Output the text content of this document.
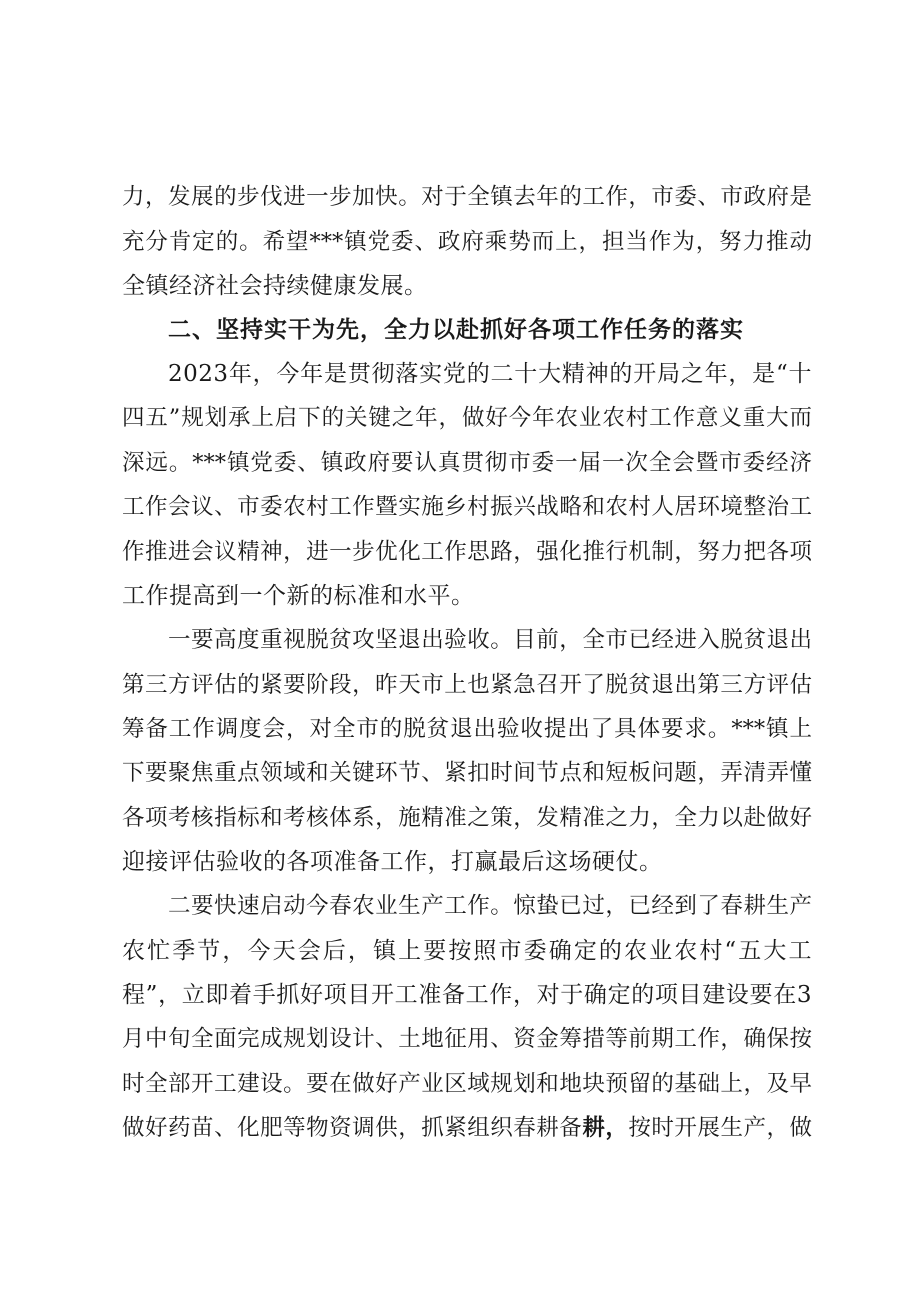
力，发展的步伐进一步加快。对于全镇去年的工作，市委、市政府是
充分肯定的。希望***镇党委、政府乘势而上，担当作为，努力推动
全镇经济社会持续健康发展。
二、坚持实干为先，全力以赴抓好各项工作任务的落实
2023年，今年是贯彻落实党的二十大精神的开局之年，是“十
四五”规划承上启下的关键之年，做好今年农业农村工作意义重大而
深远。***镇党委、镇政府要认真贯彻市委一届一次全会暨市委经济
工作会议、市委农村工作暨实施乡村振兴战略和农村人居环境整治工
作推进会议精神，进一步优化工作思路，强化推行机制，努力把各项
工作提高到一个新的标准和水平。
一要高度重视脱贫攻坚退出验收。目前，全市已经进入脱贫退出
第三方评估的紧要阶段，昨天市上也紧急召开了脱贫退出第三方评估
筹备工作调度会，对全市的脱贫退出验收提出了具体要求。***镇上
下要聚焦重点领域和关键环节、紧扣时间节点和短板问题，弄清弄懂
各项考核指标和考核体系，施精准之策，发精准之力，全力以赴做好
迎接评估验收的各项准备工作，打赢最后这场硬仗。
二要快速启动今春农业生产工作。惊蛰已过，已经到了春耕生产
农忙季节，今天会后，镇上要按照市委确定的农业农村“五大工
程”，立即着手抓好项目开工准备工作，对于确定的项目建设要在3
月中旬全面完成规划设计、土地征用、资金筹措等前期工作，确保按
时全部开工建设。要在做好产业区域规划和地块预留的基础上，及早
做好药苗、化肥等物资调供，抓紧组织春耕备耕，按时开展生产，做
